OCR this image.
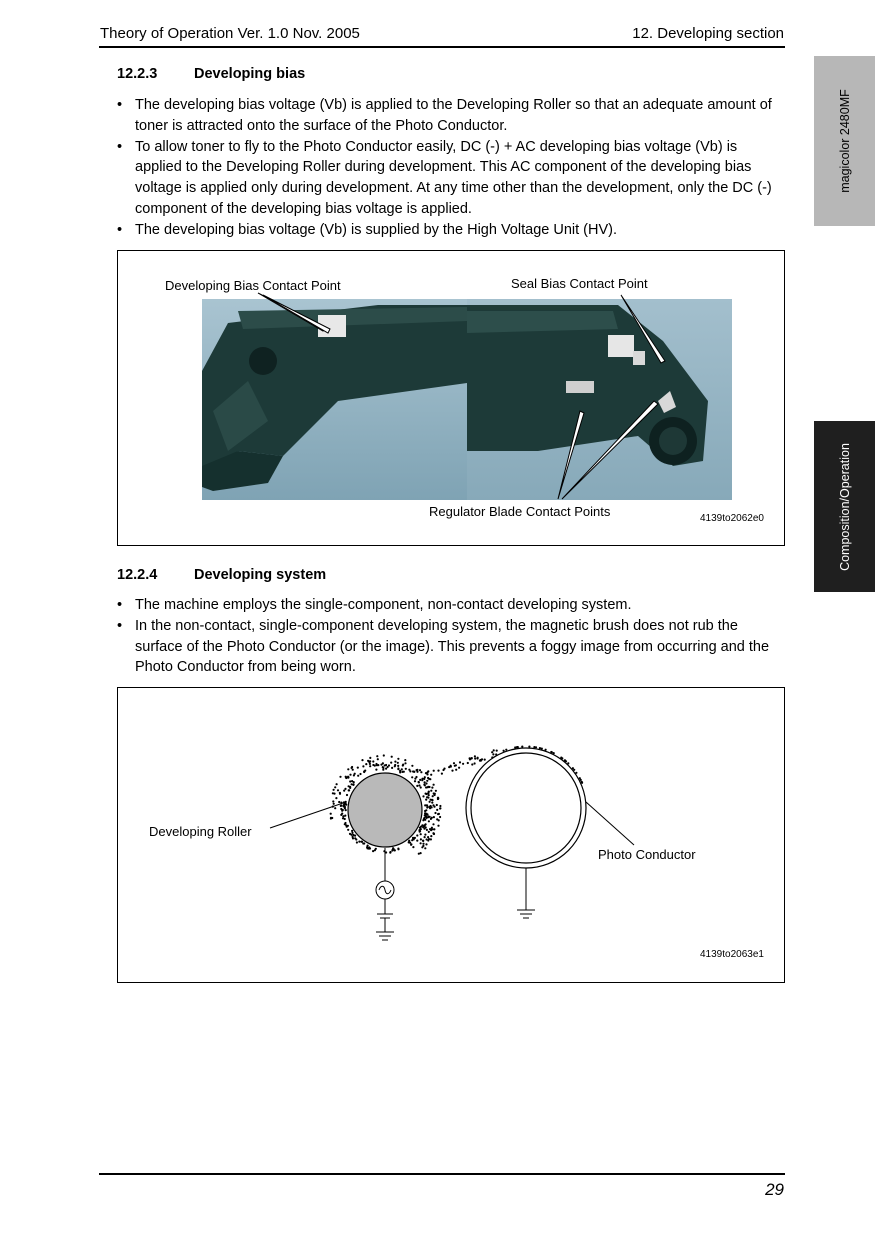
Theory of Operation Ver. 1.0 Nov. 2005	12. Developing section
magicolor 2480MF
Composition/Operation
12.2.3	Developing bias
• The developing bias voltage (Vb) is applied to the Developing Roller so that an adequate amount of toner is attracted onto the surface of the Photo Conductor.
• To allow toner to fly to the Photo Conductor easily, DC (-) + AC developing bias voltage (Vb) is applied to the Developing Roller during development. This AC component of the developing bias voltage is applied only during development. At any time other than the development, only the DC (-) component of the developing bias voltage is applied.
• The developing bias voltage (Vb) is supplied by the High Voltage Unit (HV).
Developing Bias Contact Point	Seal Bias Contact Point
Regulator Blade Contact Points	4139to2062e0
12.2.4	Developing system
• The machine employs the single-component, non-contact developing system.
• In the non-contact, single-component developing system, the magnetic brush does not rub the surface of the Photo Conductor (or the image). This prevents a foggy image from occurring and the Photo Conductor from being worn.
Developing Roller
Photo Conductor
4139to2063e1
29
